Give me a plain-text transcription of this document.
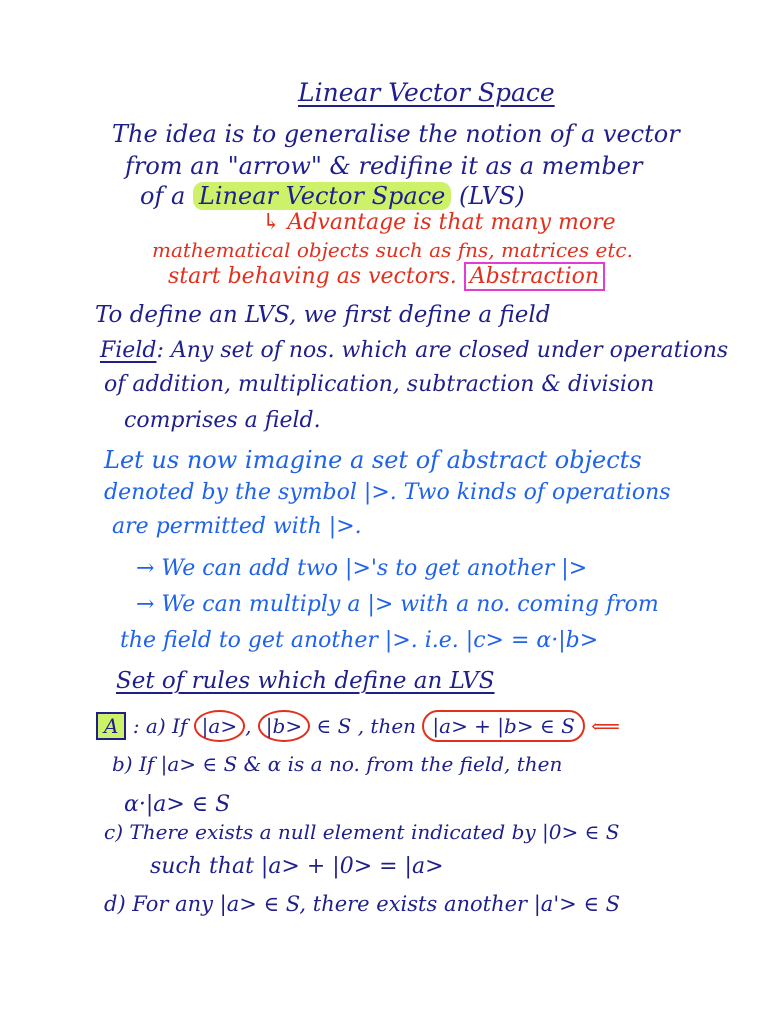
Linear Vector Space
The idea is to generalise the notion of a vector
from an "arrow" & redifine it as a member
of a Linear Vector Space (LVS)
↳ Advantage is that many more
mathematical objects such as fns, matrices etc.
start behaving as vectors. Abstraction
To define an LVS, we first define a field
Field: Any set of nos. which are closed under operations
of addition, multiplication, subtraction & division
comprises a field.
Let us now imagine a set of abstract objects
denoted by the symbol |>. Two kinds of operations
are permitted with |>.
→ We can add two |>'s to get another |>
→ We can multiply a |> with a no. coming from
the field to get another |>. i.e. |c> = α·|b>
Set of rules which define an LVS
A : a) If |a> , |b> ∈ S , then |a> + |b> ∈ S ⟸
b) If |a> ∈ S & α is a no. from the field, then
α·|a> ∈ S
c) There exists a null element indicated by |0> ∈ S
such that |a> + |0> = |a>
d) For any |a> ∈ S, there exists another |a'> ∈ S
